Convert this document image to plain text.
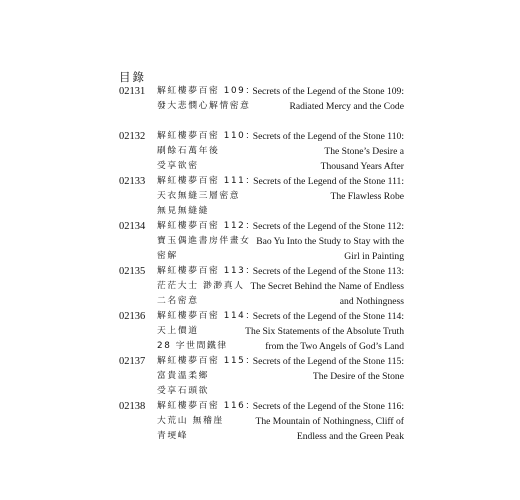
目錄
02131 解紅樓夢百密 109：
發大悲憫心解情密意
Secrets of the Legend of the Stone 109:
Radiated Mercy and the Code
02132 解紅樓夢百密 110：
刷餘石萬年後
受享欲密
Secrets of the Legend of the Stone 110:
The Stone’s Desire a
Thousand Years After
02133 解紅樓夢百密 111：
天衣無縫三層密意
無見無縫縫
Secrets of the Legend of the Stone 111:
The Flawless Robe
02134 解紅樓夢百密 112：
寶玉偶進書房伴畫女
密解
Secrets of the Legend of the Stone 112:
Bao Yu Into the Study to Stay with the
Girl in Painting
02135 解紅樓夢百密 113：
茫茫大士 渺渺真人
二名密意
Secrets of the Legend of the Stone 113:
The Secret Behind the Name of Endless
and Nothingness
02136 解紅樓夢百密 114：
天上價道
28 字世間鐵律
Secrets of the Legend of the Stone 114:
The Six Statements of the Absolute Truth
from the Two Angels of God’s Land
02137 解紅樓夢百密 115：
富貴溫柔鄉
受享石頭欲
Secrets of the Legend of the Stone 115:
The Desire of the Stone
02138 解紅樓夢百密 116：
大荒山 無稽崖
青埂峰
Secrets of the Legend of the Stone 116:
The Mountain of Nothingness, Cliff of
Endless and the Green Peak
